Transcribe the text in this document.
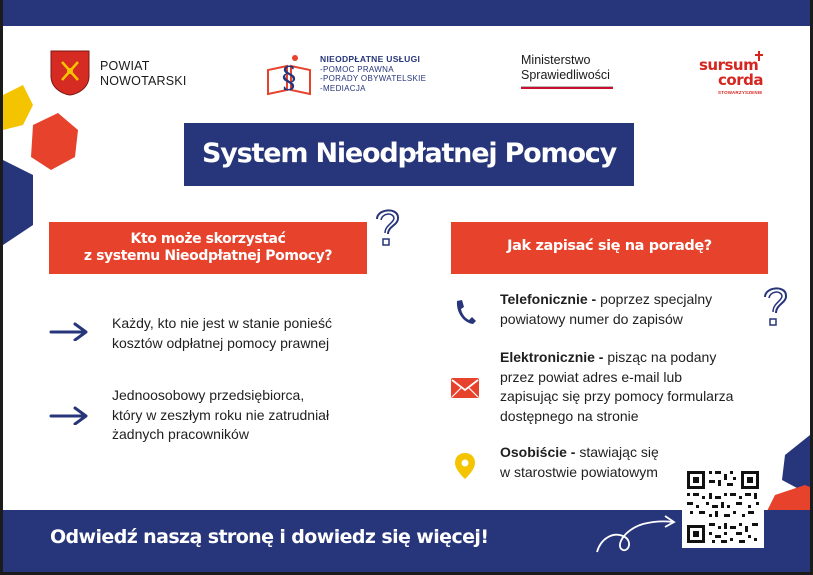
POWIAT
NOWOTARSKI	§
NIEODPŁATNE USŁUGI
-POMOC PRAWNA
-PORADY OBYWATELSKIE
-MEDIACJA
Ministerstwo
Sprawiedliwości
sursum
corda
STOWARZYSZENIE
System Nieodpłatnej Pomocy
Kto może skorzystać
z systemu Nieodpłatnej Pomocy?
Jak zapisać się na poradę?
Każdy, kto nie jest w stanie ponieść
kosztów odpłatnej pomocy prawnej
Jednoosobowy przedsiębiorca,
który w zeszłym roku nie zatrudniał
żadnych pracowników
Telefonicznie - poprzez specjalny
powiatowy numer do zapisów
Elektronicznie - pisząc na podany
przez powiat adres e-mail lub
zapisując się przy pomocy formularza
dostępnego na stronie
Osobiście - stawiając się
w starostwie powiatowym
Odwiedź naszą stronę i dowiedz się więcej!
